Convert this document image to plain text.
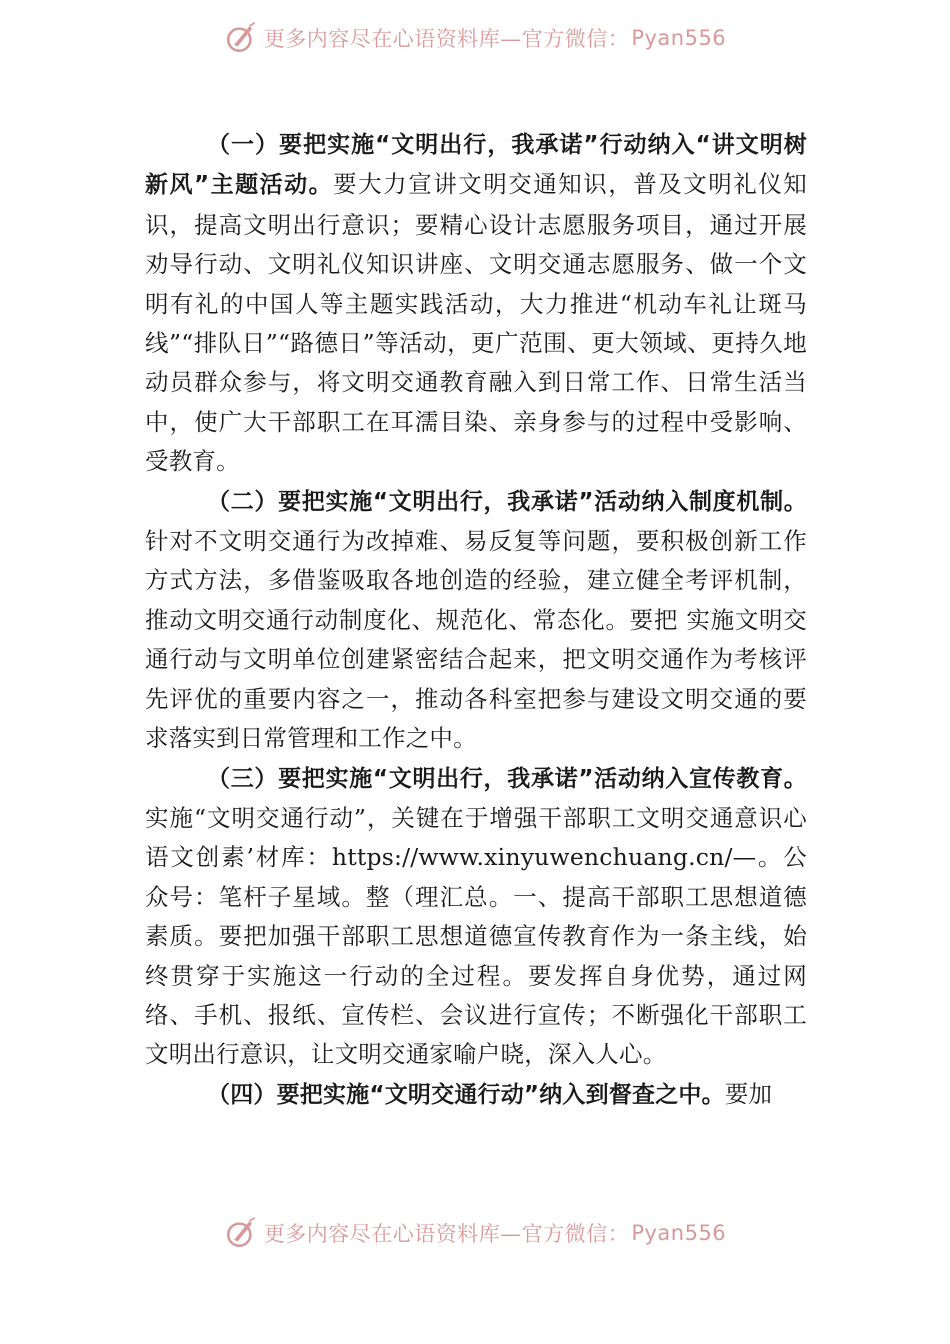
更多内容尽在心语资料库—官方微信： Pyan556

（一）要把实施“文明出行，我承诺”行动纳入“讲文明树新风”主题活动。要大力宣讲文明交通知识，普及文明礼仪知识，提高文明出行意识；要精心设计志愿服务项目，通过开展劝导行动、文明礼仪知识讲座、文明交通志愿服务、做一个文明有礼的中国人等主题实践活动，大力推进“机动车礼让斑马线”“排队日”“路德日”等活动，更广范围、更大领域、更持久地动员群众参与，将文明交通教育融入到日常工作、日常生活当中，使广大干部职工在耳濡目染、亲身参与的过程中受影响、受教育。

（二）要把实施“文明出行，我承诺”活动纳入制度机制。针对不文明交通行为改掉难、易反复等问题，要积极创新工作方式方法，多借鉴吸取各地创造的经验，建立健全考评机制，推动文明交通行动制度化、规范化、常态化。要把 实施文明交通行动与文明单位创建紧密结合起来，把文明交通作为考核评先评优的重要内容之一，推动各科室把参与建设文明交通的要求落实到日常管理和工作之中。

（三）要把实施“文明出行，我承诺”活动纳入宣传教育。实施“文明交通行动”，关键在于增强干部职工文明交通意识心语文创素’材库：https://www.xinyuwenchuang.cn/—。公众号：笔杆子星域。整（理汇总。一、提高干部职工思想道德素质。要把加强干部职工思想道德宣传教育作为一条主线，始终贯穿于实施这一行动的全过程。要发挥自身优势，通过网络、手机、报纸、宣传栏、会议进行宣传；不断强化干部职工文明出行意识，让文明交通家喻户晓，深入人心。

（四）要把实施“文明交通行动”纳入到督查之中。要加

更多内容尽在心语资料库—官方微信： Pyan556
